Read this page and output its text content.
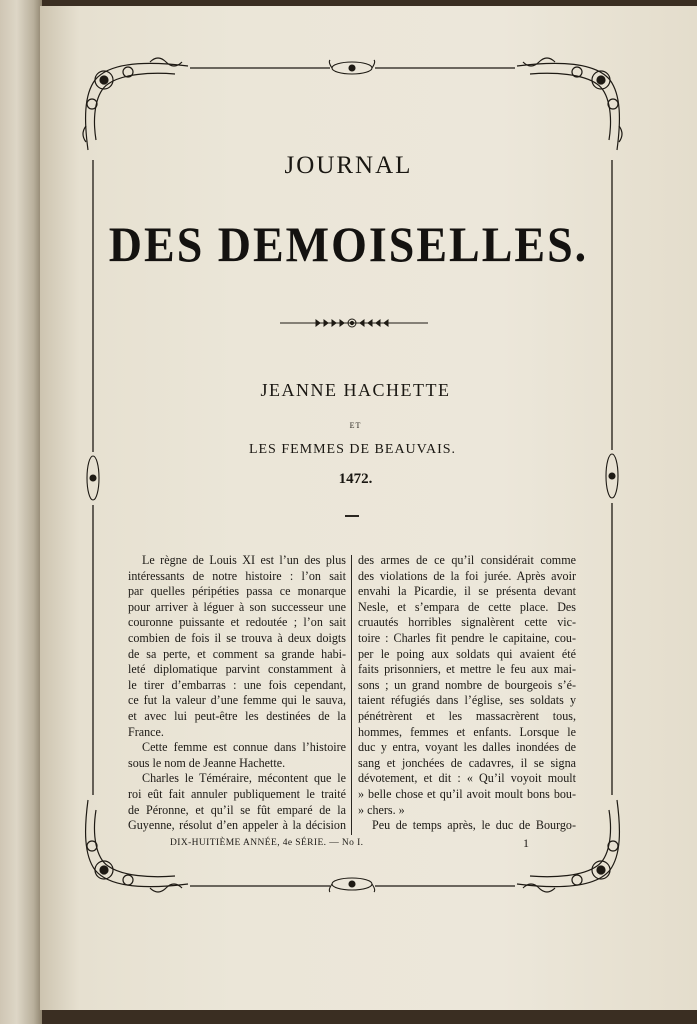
JOURNAL
DES DEMOISELLES.
JEANNE HACHETTE
ET
LES FEMMES DE BEAUVAIS.
1472.
Le règne de Louis XI est l’un des plus
intéressants de notre histoire : l’on sait
par quelles péripéties passa ce monarque
pour arriver à léguer à son successeur une
couronne puissante et redoutée ; l’on sait
combien de fois il se trouva à deux doigts
de sa perte, et comment sa grande habi-
leté diplomatique parvint constamment à
le tirer d’embarras : une fois cependant,
ce fut la valeur d’une femme qui le sauva,
et avec lui peut-être les destinées de la
France.
Cette femme est connue dans l’histoire
sous le nom de Jeanne Hachette.
Charles le Téméraire, mécontent que le
roi eût fait annuler publiquement le traité
de Péronne, et qu’il se fût emparé de la
Guyenne, résolut d’en appeler à la décision
des armes de ce qu’il considérait comme
des violations de la foi jurée. Après avoir
envahi la Picardie, il se présenta devant
Nesle, et s’empara de cette place. Des
cruautés horribles signalèrent cette vic-
toire : Charles fit pendre le capitaine, cou-
per le poing aux soldats qui avaient été
faits prisonniers, et mettre le feu aux mai-
sons ; un grand nombre de bourgeois s’é-
taient réfugiés dans l’église, ses soldats y
pénétrèrent et les massacrèrent tous,
hommes, femmes et enfants. Lorsque le
duc y entra, voyant les dalles inondées de
sang et jonchées de cadavres, il se signa
dévotement, et dit : « Qu’il voyoit moult
» belle chose et qu’il avoit moult bons bou-
» chers. »
Peu de temps après, le duc de Bourgo-
DIX-HUITIÈME ANNÉE, 4e SÉRIE. — No I.	1
